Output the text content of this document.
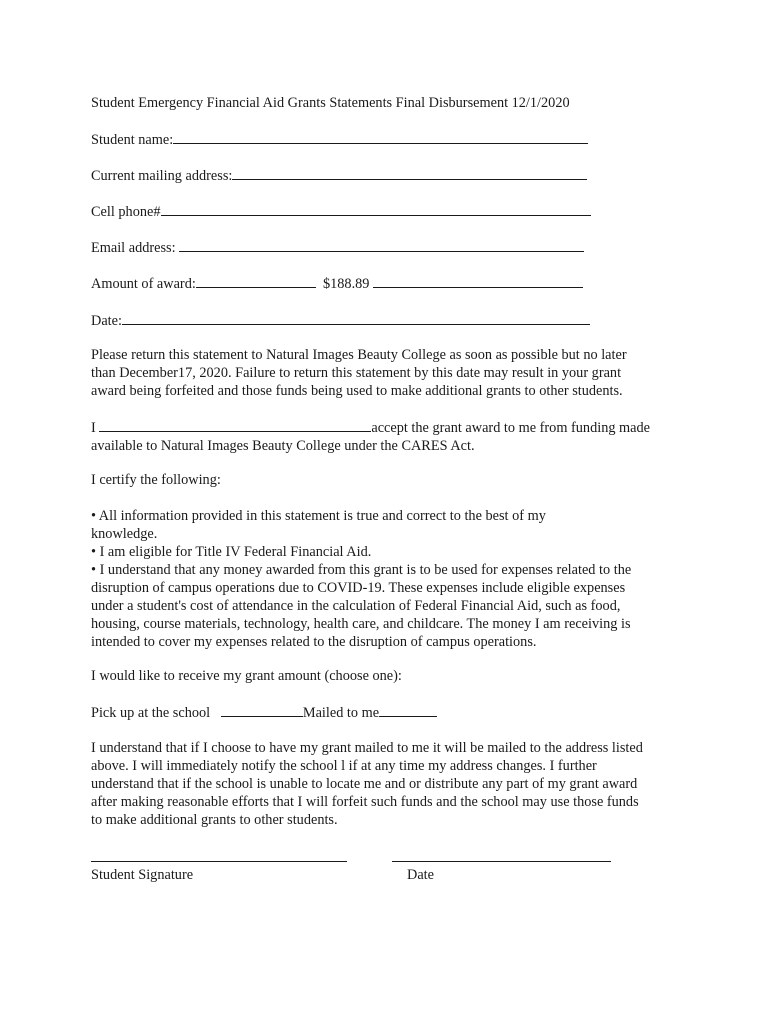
Student Emergency Financial Aid Grants Statements Final Disbursement 12/1/2020
Student name:
Current mailing address:
Cell phone#
Email address:
Amount of award:	$188.89
Date:
Please return this statement to Natural Images Beauty College as soon as possible but no later
than December17, 2020. Failure to return this statement by this date may result in your grant
award being forfeited and those funds being used to make additional grants to other students.
I	accept the grant award to me from funding made
available to Natural Images Beauty College under the CARES Act.
I certify the following:
• All information provided in this statement is true and correct to the best of my
knowledge.
• I am eligible for Title IV Federal Financial Aid.
• I understand that any money awarded from this grant is to be used for expenses related to the
disruption of campus operations due to COVID-19. These expenses include eligible expenses
under a student's cost of attendance in the calculation of Federal Financial Aid, such as food,
housing, course materials, technology, health care, and childcare. The money I am receiving is
intended to cover my expenses related to the disruption of campus operations.
I would like to receive my grant amount (choose one):
Pick up at the school	Mailed to me
I understand that if I choose to have my grant mailed to me it will be mailed to the address listed
above. I will immediately notify the school l if at any time my address changes. I further
understand that if the school is unable to locate me and or distribute any part of my grant award
after making reasonable efforts that I will forfeit such funds and the school may use those funds
to make additional grants to other students.
Student Signature	Date
